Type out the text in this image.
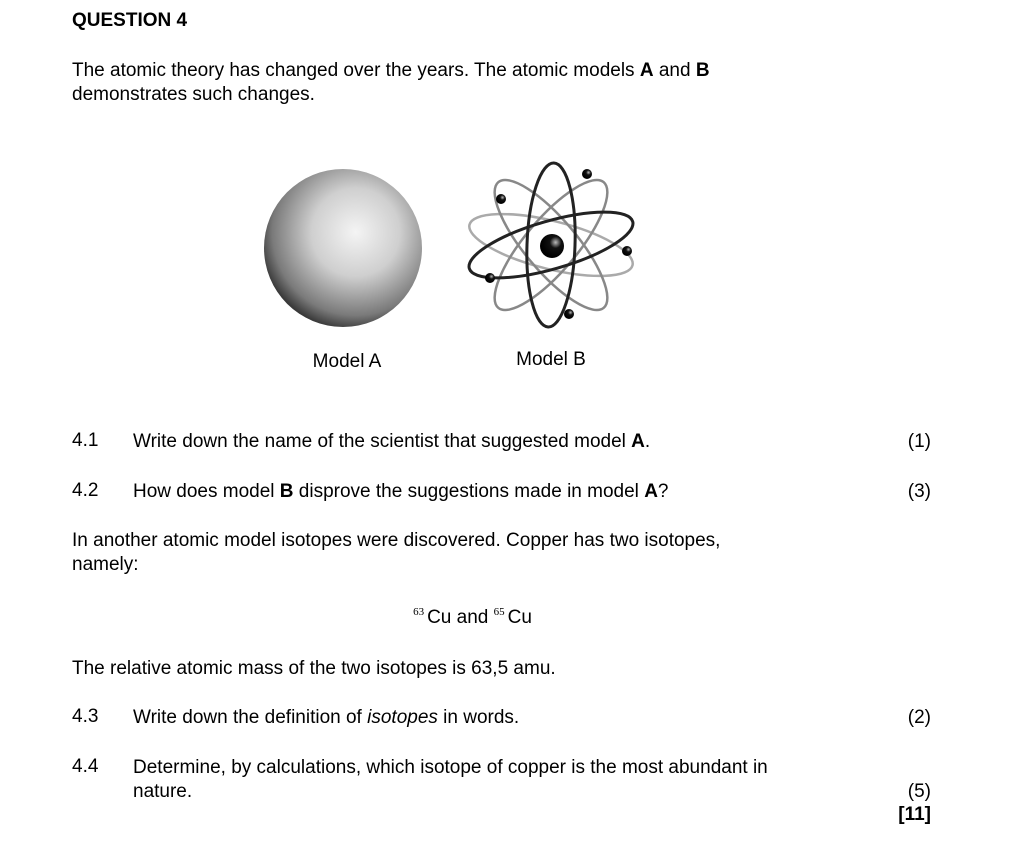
QUESTION 4
The atomic theory has changed over the years. The atomic models A and B
demonstrates such changes.
Model A	Model B
4.1 Write down the name of the scientist that suggested model A.	(1)
4.2 How does model B disprove the suggestions made in model A?	(3)
In another atomic model isotopes were discovered. Copper has two isotopes,
namely:
$^{63}$ Cu and $^{65}$ Cu
The relative atomic mass of the two isotopes is 63,5 amu.
4.3 Write down the definition of isotopes in words.	(2)
4.4 Determine, by calculations, which isotope of copper is the most abundant in
nature.	(5)
[11]
